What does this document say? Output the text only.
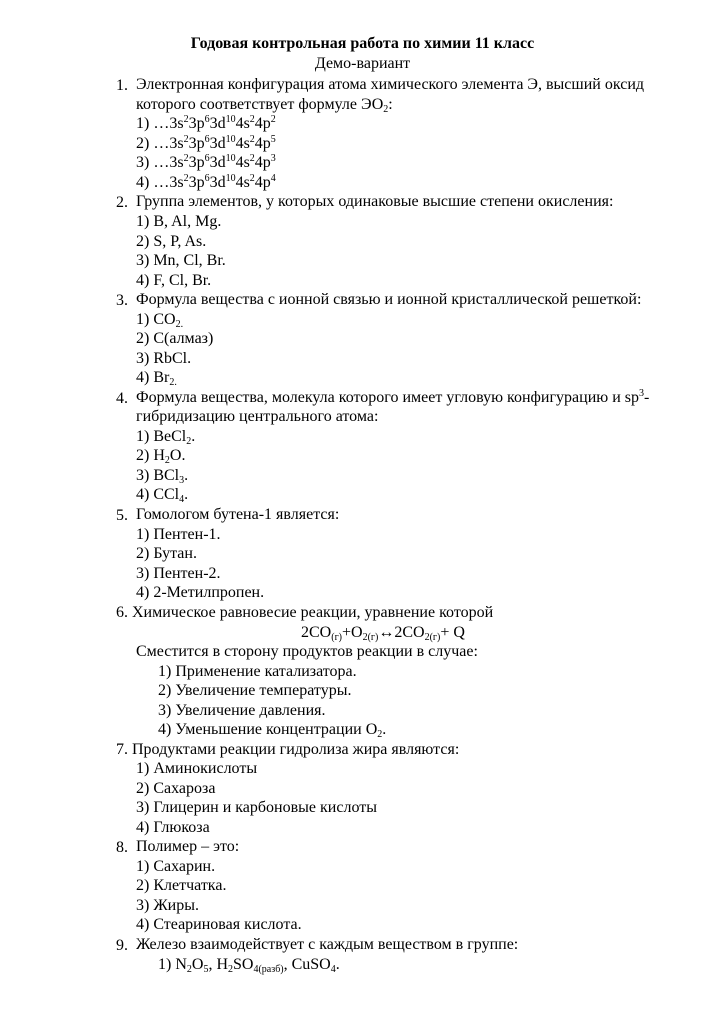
Годовая контрольная работа по химии 11 класс
Демо-вариант
1. Электронная конфигурация атома химического элемента Э, высший оксид
которого соответствует формуле $ЭО_2$:
1) $\dots 3s^23p^63d^{10}4s^24p^2$
2) $\dots 3s^23p^63d^{10}4s^24p^5$
3) $\dots 3s^23p^63d^{10}4s^24p^3$
4) $\dots 3s^23p^63d^{10}4s^24p^4$
2. Группа элементов, у которых одинаковые высшие степени окисления:
1) B, Al, Mg.
2) S, P, As.
3) Mn, Cl, Br.
4) F, Cl, Br.
3. Формула вещества с ионной связью и ионной кристаллической решеткой:
1) $CO_{2.}$
2) C(алмаз)
3) RbCl.
4) $Br_{2.}$
4. Формула вещества, молекула которого имеет угловую конфигурацию и $sp^3-$
гибридизацию центрального атома:
1) BeCl$_2$.
2) $H_2O$.
3) BCl$_3$.
4) CCl$_4$.
5. Гомологом бутена-1 является:
1) Пентен-1.
2) Бутан.
3) Пентен-2.
4) 2-Метилпропен.
6. Химическое равновесие реакции, уравнение которой
$2CO_{(г)}+O_{2(г)}\leftrightarrow 2CO_{2(г)}+ Q$
Сместится в сторону продуктов реакции в случае:
1) Применение катализатора.
2) Увеличение температуры.
3) Увеличение давления.
4) Уменьшение концентрации $O_2$.
7. Продуктами реакции гидролиза жира являются:
1) Аминокислоты
2) Сахароза
3) Глицерин и карбоновые кислоты
4) Глюкоза
8. Полимер – это:
1) Сахарин.
2) Клетчатка.
3) Жиры.
4) Стеариновая кислота.
9. Железо взаимодействует с каждым веществом в группе:
1) $N_2O_5$, $H_2SO_{4(разб)}$, CuSO$_4$.
